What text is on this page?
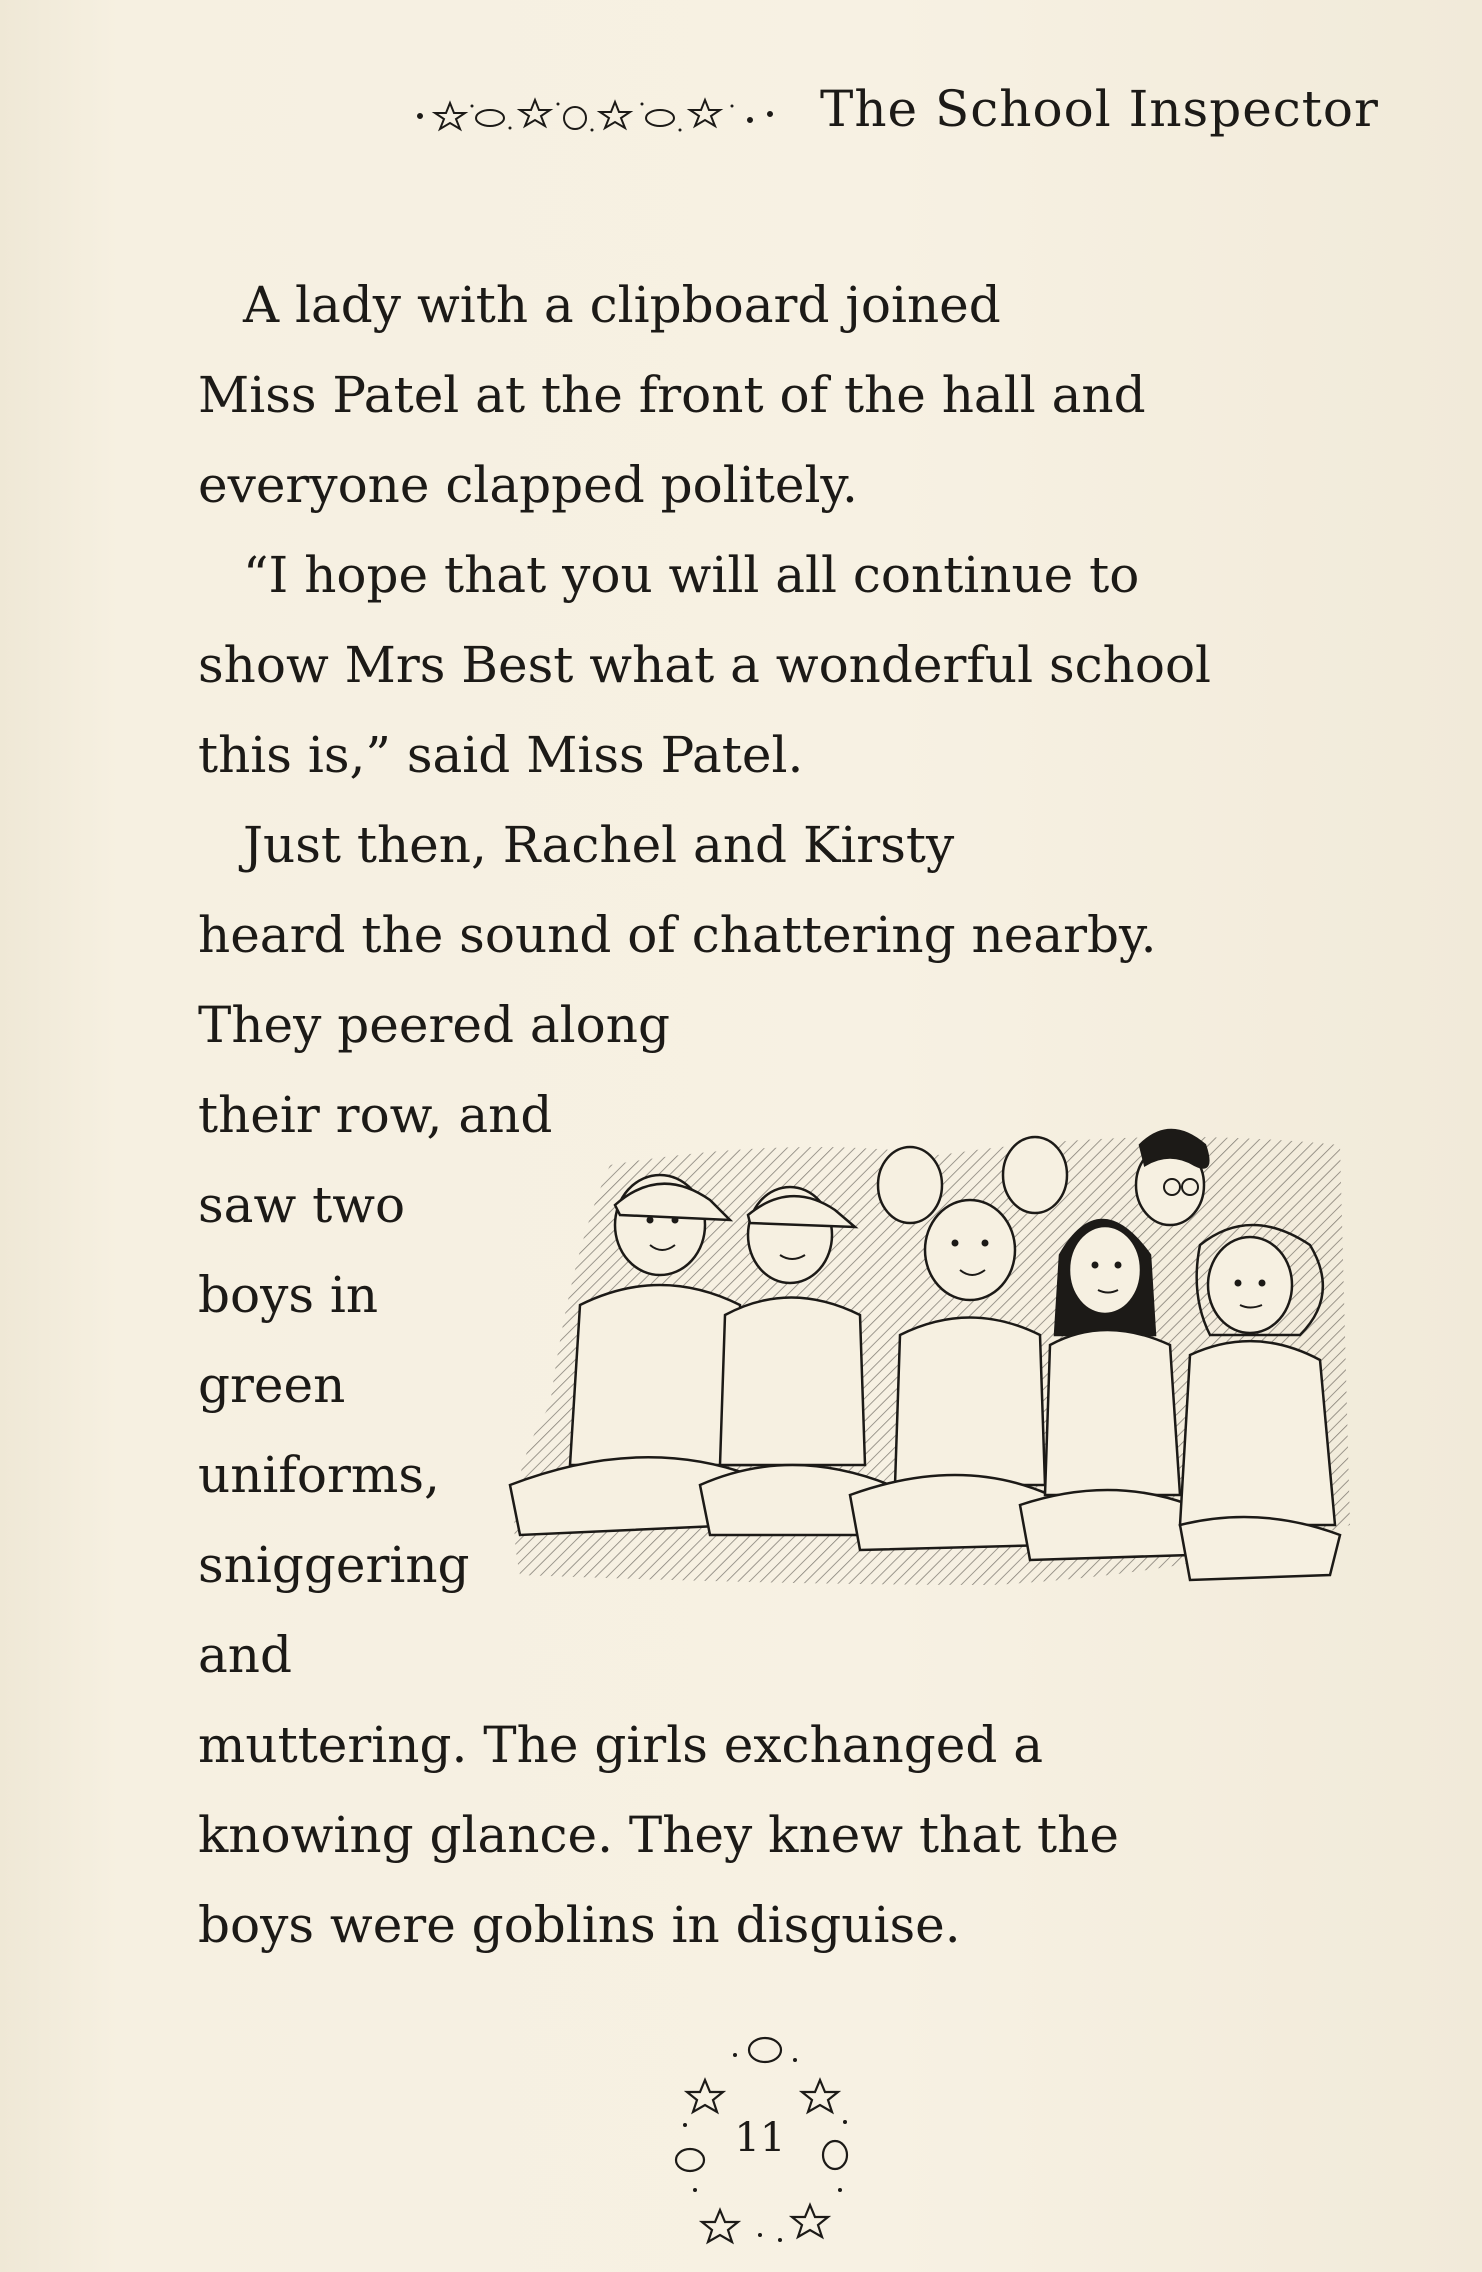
The School Inspector
A lady with a clipboard joined
Miss Patel at the front of the hall and
everyone clapped politely.
“I hope that you will all continue to
show Mrs Best what a wonderful school
this is,” said Miss Patel.
Just then, Rachel and Kirsty
heard the sound of chattering nearby.
They peered along
their row, and
saw two
boys in
green
uniforms,
sniggering
and
muttering. The girls exchanged a
knowing glance. They knew that the
boys were goblins in disguise.
11
